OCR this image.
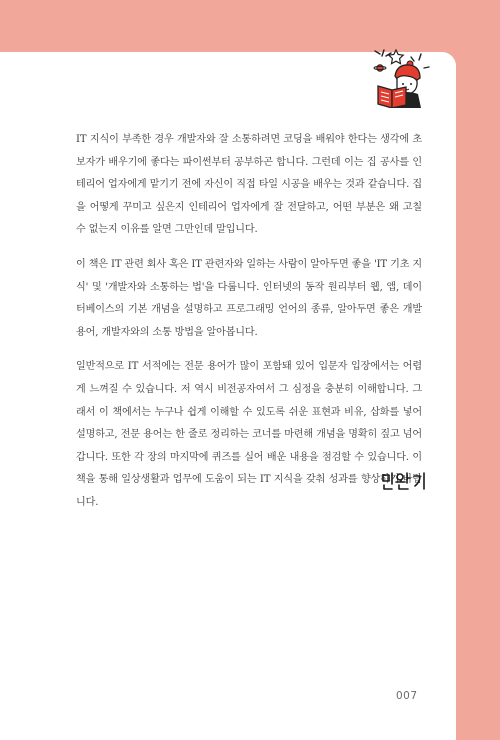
IT 지식이 부족한 경우 개발자와 잘 소통하려면 코딩을 배워야 한다는 생각에 초보자가 배우기에 좋다는 파이썬부터 공부하곤 합니다. 그런데 이는 집 공사를 인테리어 업자에게 맡기기 전에 자신이 직접 타일 시공을 배우는 것과 같습니다. 집을 어떻게 꾸미고 싶은지 인테리어 업자에게 잘 전달하고, 어떤 부분은 왜 고칠 수 없는지 이유를 알면 그만인데 말입니다.

이 책은 IT 관련 회사 혹은 IT 관련자와 일하는 사람이 알아두면 좋을 'IT 기초 지식' 및 '개발자와 소통하는 법'을 다룹니다. 인터넷의 동작 원리부터 웹, 앱, 데이터베이스의 기본 개념을 설명하고 프로그래밍 언어의 종류, 알아두면 좋은 개발 용어, 개발자와의 소통 방법을 알아봅니다.

일반적으로 IT 서적에는 전문 용어가 많이 포함돼 있어 입문자 입장에서는 어렵게 느껴질 수 있습니다. 저 역시 비전공자여서 그 심정을 충분히 이해합니다. 그래서 이 책에서는 누구나 쉽게 이해할 수 있도록 쉬운 표현과 비유, 삽화를 넣어 설명하고, 전문 용어는 한 줄로 정리하는 코너를 마련해 개념을 명확히 짚고 넘어갑니다. 또한 각 장의 마지막에 퀴즈를 실어 배운 내용을 점검할 수 있습니다. 이 책을 통해 일상생활과 업무에 도움이 되는 IT 지식을 갖춰 성과를 향상하기 바랍니다.

007
